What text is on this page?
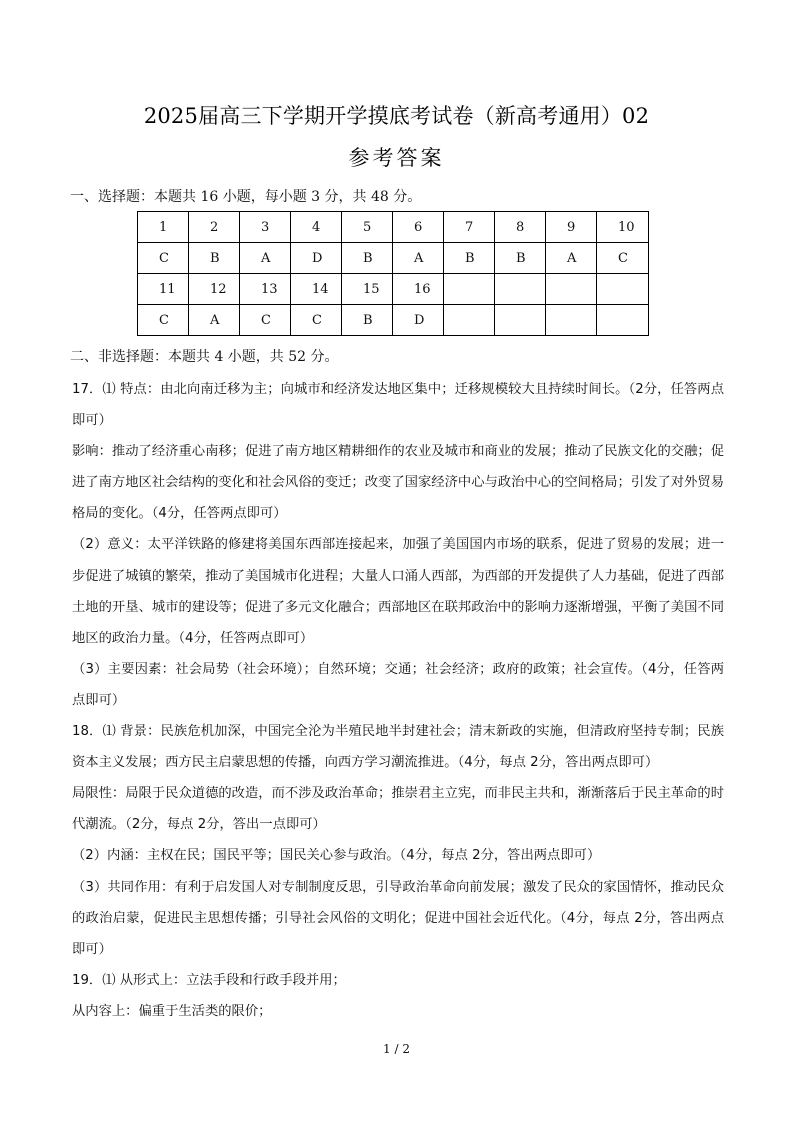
2025届高三下学期开学摸底考试卷（新高考通用）02
参考答案
一、选择题：本题共 16 小题，每小题 3 分，共 48 分。
1	2	3	4	5	6	7	8	9	10
C	B	A	D	B	A	B	B	A	C
11	12	13	14	15	16				
C	A	C	C	B	D				
二、非选择题：本题共 4 小题，共 52 分。

17．⑴ 特点：由北向南迁移为主；向城市和经济发达地区集中；迁移规模较大且持续时间长。（2分，任答两点即可）

影响：推动了经济重心南移；促进了南方地区精耕细作的农业及城市和商业的发展；推动了民族文化的交融；促进了南方地区社会结构的变化和社会风俗的变迁；改变了国家经济中心与政治中心的空间格局；引发了对外贸易格局的变化。（4分，任答两点即可）

（2）意义：太平洋铁路的修建将美国东西部连接起来，加强了美国国内市场的联系，促进了贸易的发展；进一步促进了城镇的繁荣，推动了美国城市化进程；大量人口涌人西部，为西部的开发提供了人力基础，促进了西部土地的开垦、城市的建设等；促进了多元文化融合；西部地区在联邦政治中的影响力逐渐增强，平衡了美国不同地区的政治力量。（4分，任答两点即可）

（3）主要因素：社会局势（社会环境）；自然环境；交通；社会经济；政府的政策；社会宣传。（4分，任答两点即可）

18．⑴ 背景：民族危机加深，中国完全沦为半殖民地半封建社会；清末新政的实施，但清政府坚持专制；民族资本主义发展；西方民主启蒙思想的传播，向西方学习潮流推进。（4分，每点 2分，答出两点即可）

局限性：局限于民众道德的改造，而不涉及政治革命；推崇君主立宪，而非民主共和，渐渐落后于民主革命的时代潮流。（2分，每点 2分，答出一点即可）

（2）内涵：主权在民；国民平等；国民关心参与政治。（4分，每点 2分，答出两点即可）

（3）共同作用：有利于启发国人对专制制度反思，引导政治革命向前发展；激发了民众的家国情怀，推动民众的政治启蒙，促进民主思想传播；引导社会风俗的文明化；促进中国社会近代化。（4分，每点 2分，答出两点即可）

19．⑴ 从形式上：立法手段和行政手段并用；

从内容上：偏重于生活类的限价；

1 / 2
